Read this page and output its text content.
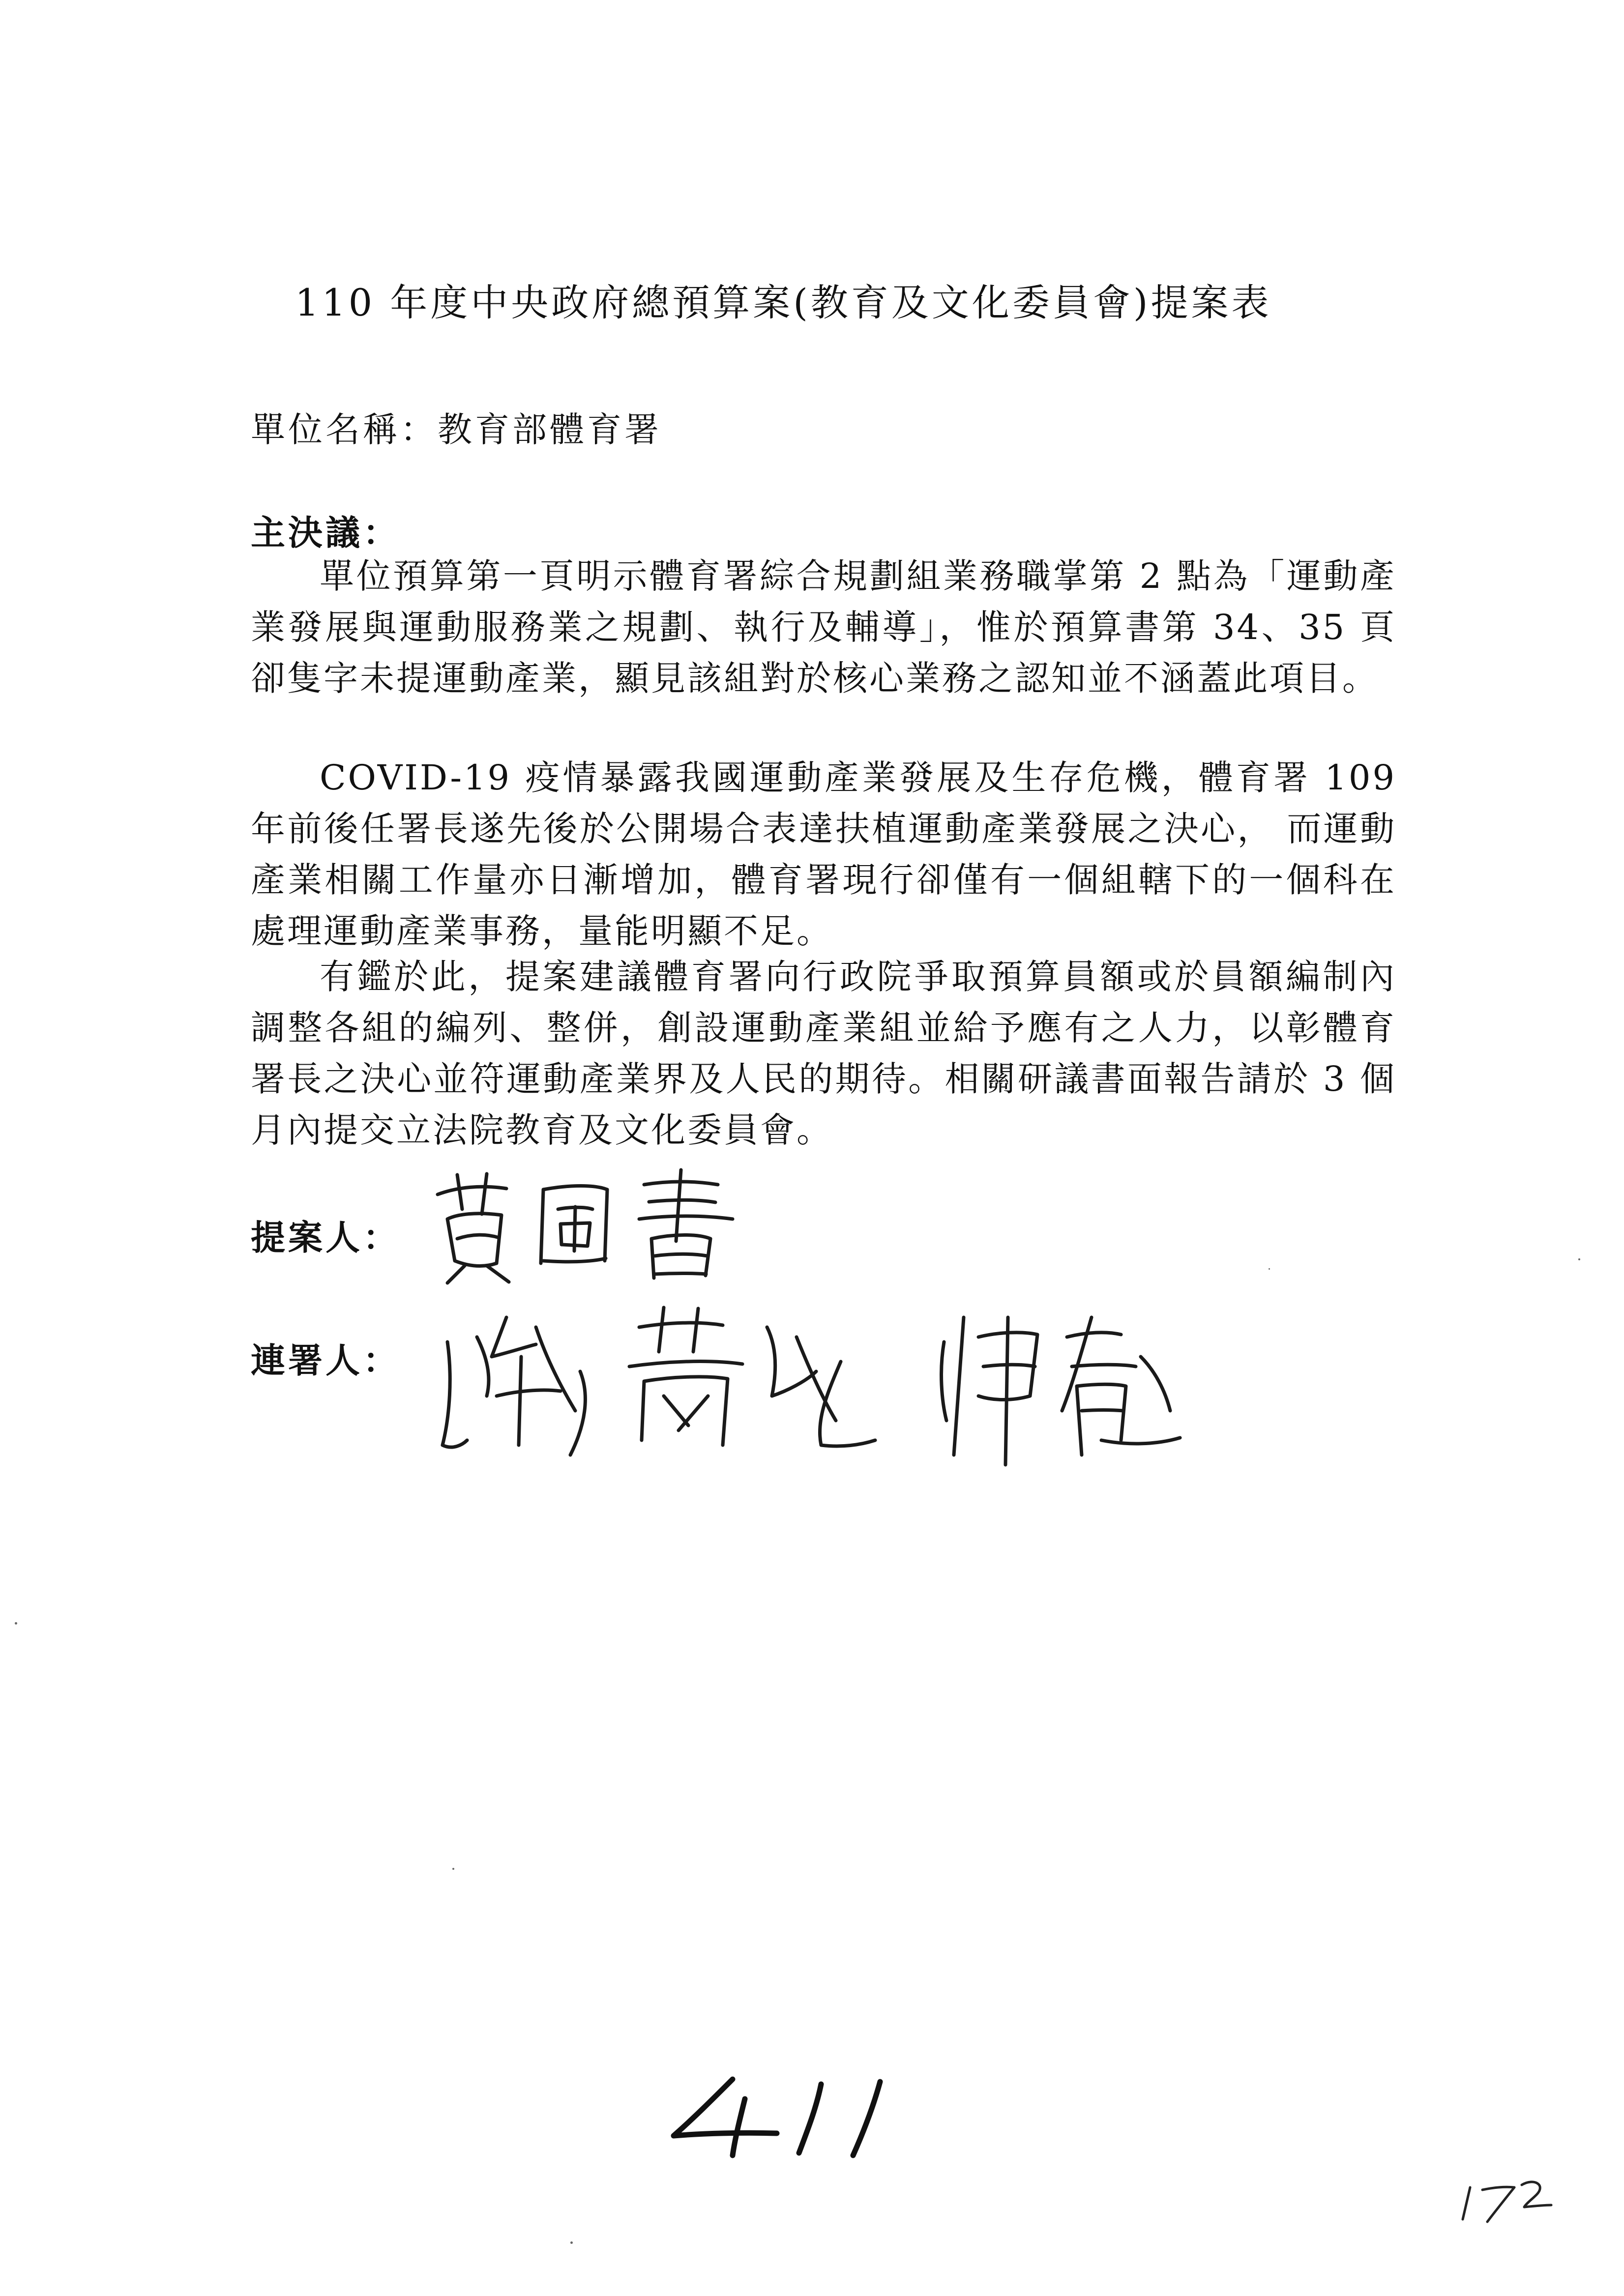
110 年度中央政府總預算案(教育及文化委員會)提案表
單位名稱：教育部體育署
主決議：
單位預算第一頁明示體育署綜合規劃組業務職掌第 2 點為「運動產業發展與運動服務業之規劃、執行及輔導」，惟於預算書第 34、35 頁卻隻字未提運動產業，顯見該組對於核心業務之認知並不涵蓋此項目。
COVID-19 疫情暴露我國運動產業發展及生存危機，體育署 109 年前後任署長遂先後於公開場合表達扶植運動產業發展之決心， 而運動產業相關工作量亦日漸增加，體育署現行卻僅有一個組轄下的一個科在處理運動產業事務，量能明顯不足。
有鑑於此，提案建議體育署向行政院爭取預算員額或於員額編制內調整各組的編列、整併，創設運動產業組並給予應有之人力，以彰體育署長之決心並符運動產業界及人民的期待。相關研議書面報告請於 3 個月內提交立法院教育及文化委員會。
提案人：
連署人：
